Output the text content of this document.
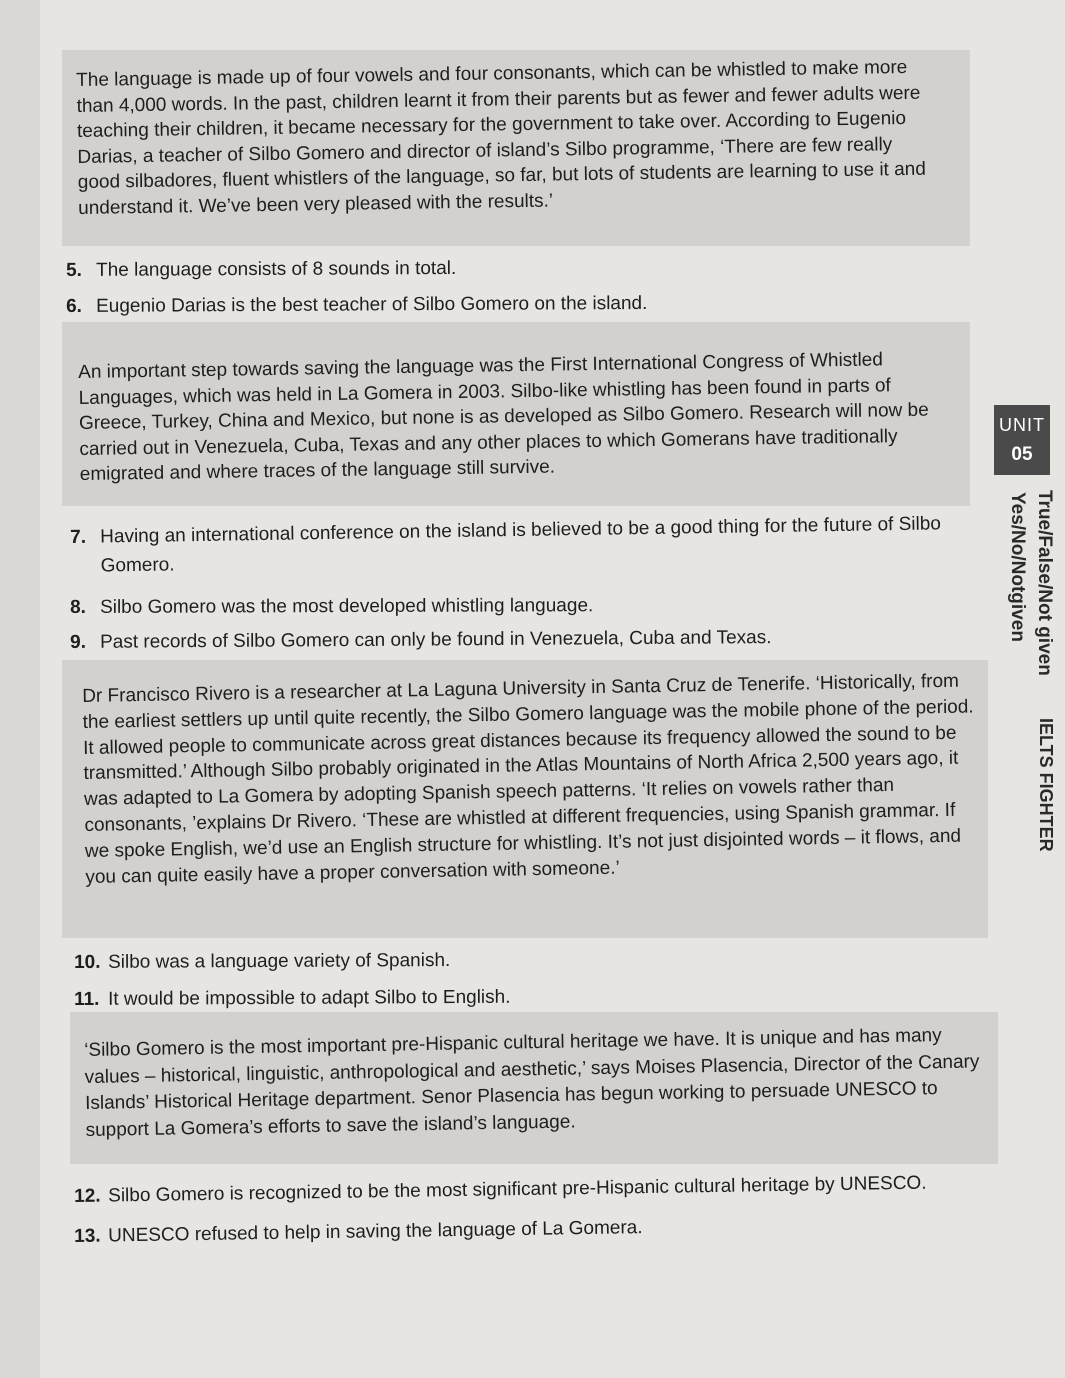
The language is made up of four vowels and four consonants, which can be whistled to make more than 4,000 words. In the past, children learnt it from their parents but as fewer and fewer adults were teaching their children, it became necessary for the government to take over. According to Eugenio Darias, a teacher of Silbo Gomero and director of island’s Silbo programme, ‘There are few really good silbadores, fluent whistlers of the language, so far, but lots of students are learning to use it and understand it. We’ve been very pleased with the results.’

5. The language consists of 8 sounds in total.
6. Eugenio Darias is the best teacher of Silbo Gomero on the island.

An important step towards saving the language was the First International Congress of Whistled Languages, which was held in La Gomera in 2003. Silbo-like whistling has been found in parts of Greece, Turkey, China and Mexico, but none is as developed as Silbo Gomero. Research will now be carried out in Venezuela, Cuba, Texas and any other places to which Gomerans have traditionally emigrated and where traces of the language still survive.

7. Having an international conference on the island is believed to be a good thing for the future of Silbo
Gomero.
8. Silbo Gomero was the most developed whistling language.
9. Past records of Silbo Gomero can only be found in Venezuela, Cuba and Texas.

Dr Francisco Rivero is a researcher at La Laguna University in Santa Cruz de Tenerife. ‘Historically, from the earliest settlers up until quite recently, the Silbo Gomero language was the mobile phone of the period. It allowed people to communicate across great distances because its frequency allowed the sound to be transmitted.’ Although Silbo probably originated in the Atlas Mountains of North Africa 2,500 years ago, it was adapted to La Gomera by adopting Spanish speech patterns. ‘It relies on vowels rather than consonants, ’explains Dr Rivero. ‘These are whistled at different frequencies, using Spanish grammar. If we spoke English, we’d use an English structure for whistling. It’s not just disjointed words – it flows, and you can quite easily have a proper conversation with someone.’

10. Silbo was a language variety of Spanish.
11. It would be impossible to adapt Silbo to English.

‘Silbo Gomero is the most important pre-Hispanic cultural heritage we have. It is unique and has many values – historical, linguistic, anthropological and aesthetic,’ says Moises Plasencia, Director of the Canary Islands’ Historical Heritage department. Senor Plasencia has begun working to persuade UNESCO to support La Gomera’s efforts to save the island’s language.

12. Silbo Gomero is recognized to be the most significant pre-Hispanic cultural heritage by UNESCO.
13. UNESCO refused to help in saving the language of La Gomera.
UNIT
05
True/False/Not given
Yes/No/Notgiven
IELTS FIGHTER
